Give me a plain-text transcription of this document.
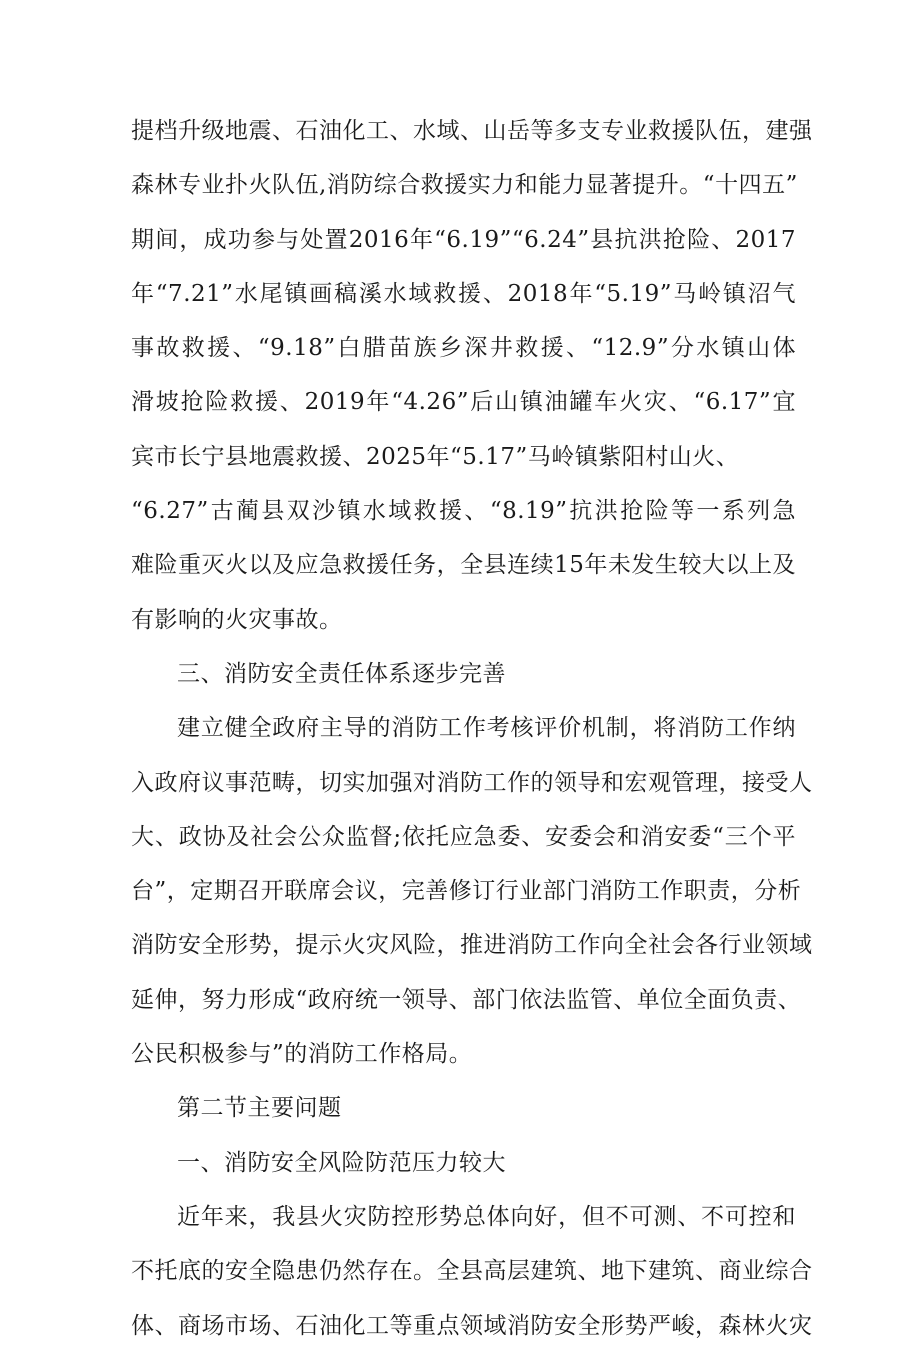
提档升级地震、石油化工、水域、山岳等多支专业救援队伍，建强
森林专业扑火队伍,消防综合救援实力和能力显著提升。“十四五”
期间，成功参与处置2016年“6.19”“6.24”县抗洪抢险、2017
年“7.21”水尾镇画稿溪水域救援、2018年“5.19”马岭镇沼气
事故救援、“9.18”白腊苗族乡深井救援、“12.9”分水镇山体
滑坡抢险救援、2019年“4.26”后山镇油罐车火灾、“6.17”宜
宾市长宁县地震救援、2025年“5.17”马岭镇紫阳村山火、
“6.27”古蔺县双沙镇水域救援、“8.19”抗洪抢险等一系列急
难险重灭火以及应急救援任务，全县连续15年未发生较大以上及
有影响的火灾事故。
三、消防安全责任体系逐步完善
建立健全政府主导的消防工作考核评价机制，将消防工作纳
入政府议事范畴，切实加强对消防工作的领导和宏观管理，接受人
大、政协及社会公众监督;依托应急委、安委会和消安委“三个平
台”，定期召开联席会议，完善修订行业部门消防工作职责，分析
消防安全形势，提示火灾风险，推进消防工作向全社会各行业领域
延伸，努力形成“政府统一领导、部门依法监管、单位全面负责、
公民积极参与”的消防工作格局。
第二节主要问题
一、消防安全风险防范压力较大
近年来，我县火灾防控形势总体向好，但不可测、不可控和
不托底的安全隐患仍然存在。全县高层建筑、地下建筑、商业综合
体、商场市场、石油化工等重点领域消防安全形势严峻，森林火灾
